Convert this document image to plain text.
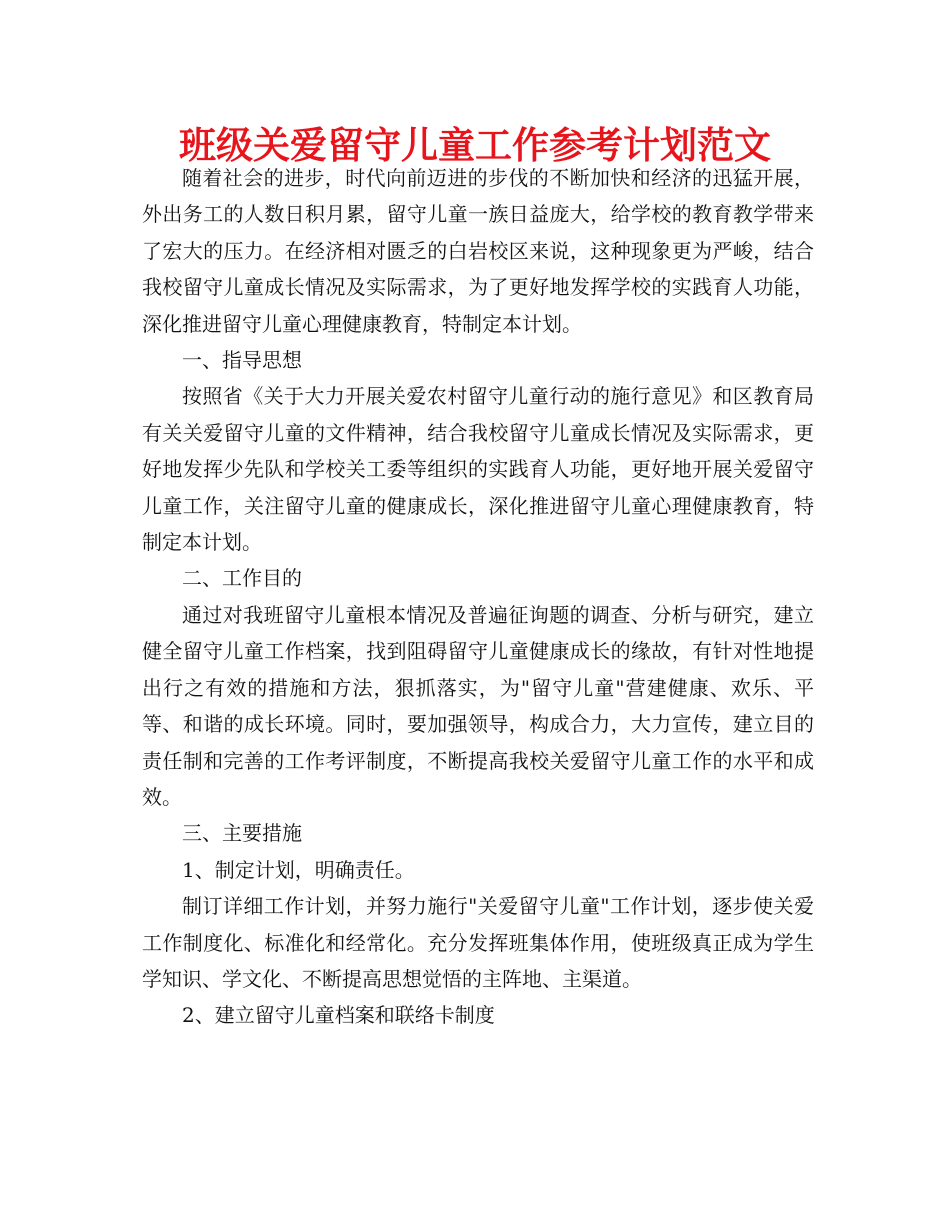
班级关爱留守儿童工作参考计划范文

随着社会的进步，时代向前迈进的步伐的不断加快和经济的迅猛开展，外出务工的人数日积月累，留守儿童一族日益庞大，给学校的教育教学带来了宏大的压力。在经济相对匮乏的白岩校区来说，这种现象更为严峻，结合我校留守儿童成长情况及实际需求，为了更好地发挥学校的实践育人功能，深化推进留守儿童心理健康教育，特制定本计划。

一、指导思想

按照省《关于大力开展关爱农村留守儿童行动的施行意见》和区教育局有关关爱留守儿童的文件精神，结合我校留守儿童成长情况及实际需求，更好地发挥少先队和学校关工委等组织的实践育人功能，更好地开展关爱留守儿童工作，关注留守儿童的健康成长，深化推进留守儿童心理健康教育，特制定本计划。

二、工作目的

通过对我班留守儿童根本情况及普遍征询题的调查、分析与研究，建立健全留守儿童工作档案，找到阻碍留守儿童健康成长的缘故，有针对性地提出行之有效的措施和方法，狠抓落实，为"留守儿童"营建健康、欢乐、平等、和谐的成长环境。同时，要加强领导，构成合力，大力宣传，建立目的责任制和完善的工作考评制度，不断提高我校关爱留守儿童工作的水平和成效。

三、主要措施

1、制定计划，明确责任。

制订详细工作计划，并努力施行"关爱留守儿童"工作计划，逐步使关爱工作制度化、标准化和经常化。充分发挥班集体作用，使班级真正成为学生学知识、学文化、不断提高思想觉悟的主阵地、主渠道。

2、建立留守儿童档案和联络卡制度
